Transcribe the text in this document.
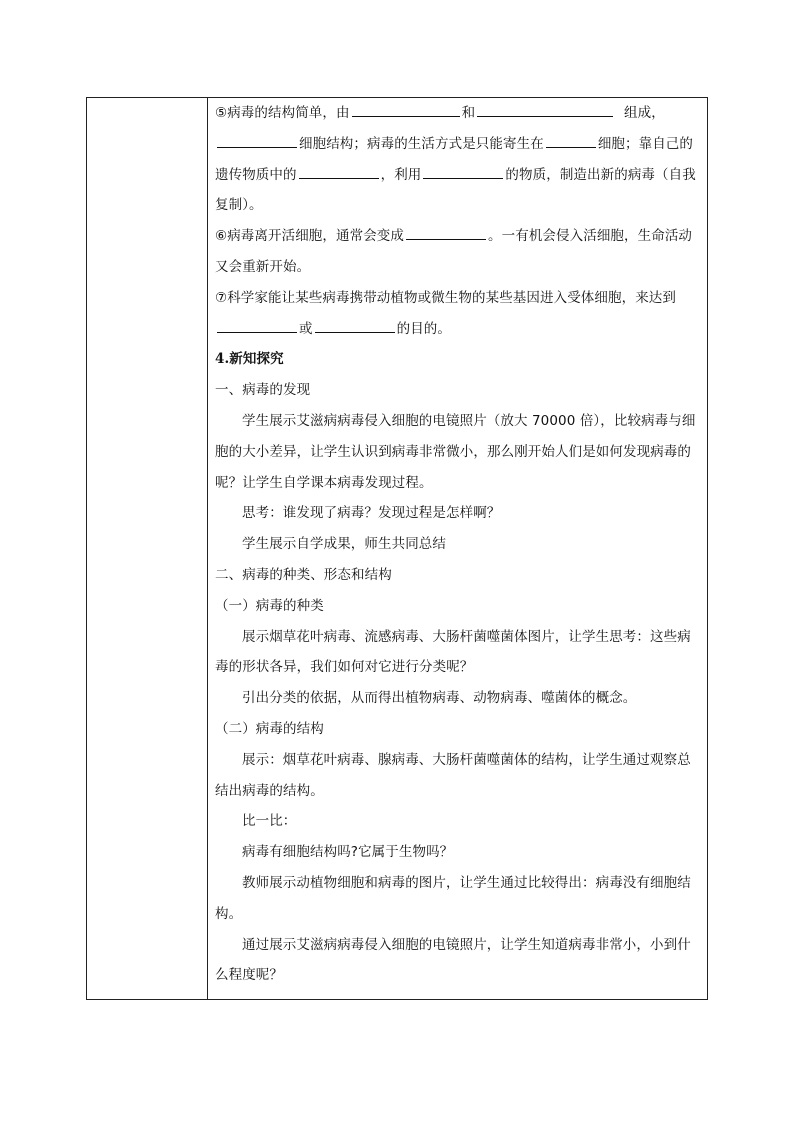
⑤病毒的结构简单，由	和	组成，
细胞结构；病毒的生活方式是只能寄生在	细胞；靠自己的
遗传物质中的	，利用	的物质，制造出新的病毒（自我
复制）。
⑥病毒离开活细胞，通常会变成	。一有机会侵入活细胞，生命活动
又会重新开始。
⑦科学家能让某些病毒携带动植物或微生物的某些基因进入受体细胞，来达到
或	的目的。
4.新知探究
一、病毒的发现
学生展示艾滋病病毒侵入细胞的电镜照片（放大 70000 倍），比较病毒与细
胞的大小差异，让学生认识到病毒非常微小，那么刚开始人们是如何发现病毒的
呢？让学生自学课本病毒发现过程。
思考：谁发现了病毒？发现过程是怎样啊？
学生展示自学成果，师生共同总结
二、病毒的种类、形态和结构
（一）病毒的种类
展示烟草花叶病毒、流感病毒、大肠杆菌噬菌体图片，让学生思考：这些病
毒的形状各异，我们如何对它进行分类呢？
引出分类的依据，从而得出植物病毒、动物病毒、噬菌体的概念。
（二）病毒的结构
展示：烟草花叶病毒、腺病毒、大肠杆菌噬菌体的结构，让学生通过观察总
结出病毒的结构。
比一比：
病毒有细胞结构吗?它属于生物吗？
教师展示动植物细胞和病毒的图片，让学生通过比较得出：病毒没有细胞结
构。
通过展示艾滋病病毒侵入细胞的电镜照片，让学生知道病毒非常小，小到什
么程度呢？
